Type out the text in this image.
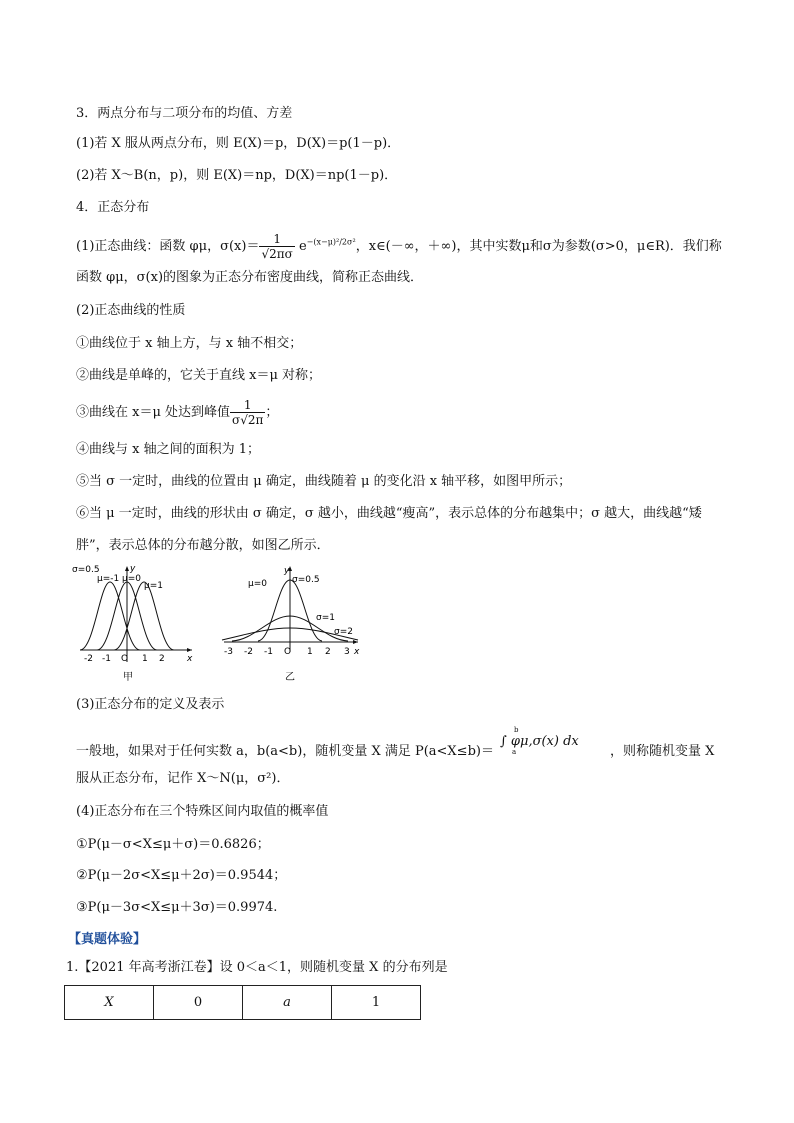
3．两点分布与二项分布的均值、方差
(1)若 X 服从两点分布，则 E(X)＝p，D(X)＝p(1－p)．
(2)若 X～B(n，p)，则 E(X)＝np，D(X)＝np(1－p)．
4．正态分布
(1)正态曲线：函数 φμ，$\sigma(x)= \frac{1}{√2\pi\sigma} e^{-(x-\mu)^2/2\sigma^2}$，x∈(－∞，＋∞)，其中实数μ和σ为参数(σ>0，μ∈R)．我们称
函数 φμ，σ(x)的图象为正态分布密度曲线，简称正态曲线．
(2)正态曲线的性质
①曲线位于 x 轴上方，与 x 轴不相交；
②曲线是单峰的，它关于直线 x＝μ 对称；
③曲线在 x＝μ 处达到峰值 $\frac{1}{\sigma√2\pi}$ ；
④曲线与 x 轴之间的面积为 1；
⑤当 σ 一定时，曲线的位置由 μ 确定，曲线随着 μ 的变化沿 x 轴平移，如图甲所示；
⑥当 μ 一定时，曲线的形状由 σ 确定，σ 越小，曲线越“瘦高”，表示总体的分布越集中；σ 越大，曲线越“矮
胖”，表示总体的分布越分散，如图乙所示．
σ=0.5
μ=-1 μ=0
μ=1
y
x
-2 -1 O 1 2
甲
μ=0	σ=0.5
σ=1
σ=2
y
x
-3 -2 -1 O 1 2 3
乙
(3)正态分布的定义及表示
一般地，如果对于任何实数 a，b(a<b)，随机变量 X 满足 P(a<X≤b)＝
b
a
∫ φμ,σ(x) dx
，则称随机变量 X
服从正态分布，记作 X～N(μ，σ²)．
(4)正态分布在三个特殊区间内取值的概率值
①P(μ－σ<X≤μ＋σ)＝0.6826；
②P(μ－2σ<X≤μ＋2σ)＝0.9544；
③P(μ－3σ<X≤μ＋3σ)＝0.9974.
【真题体验】
1.【2021 年高考浙江卷】设 0＜a＜1，则随机变量 X 的分布列是
X	0	a	1
